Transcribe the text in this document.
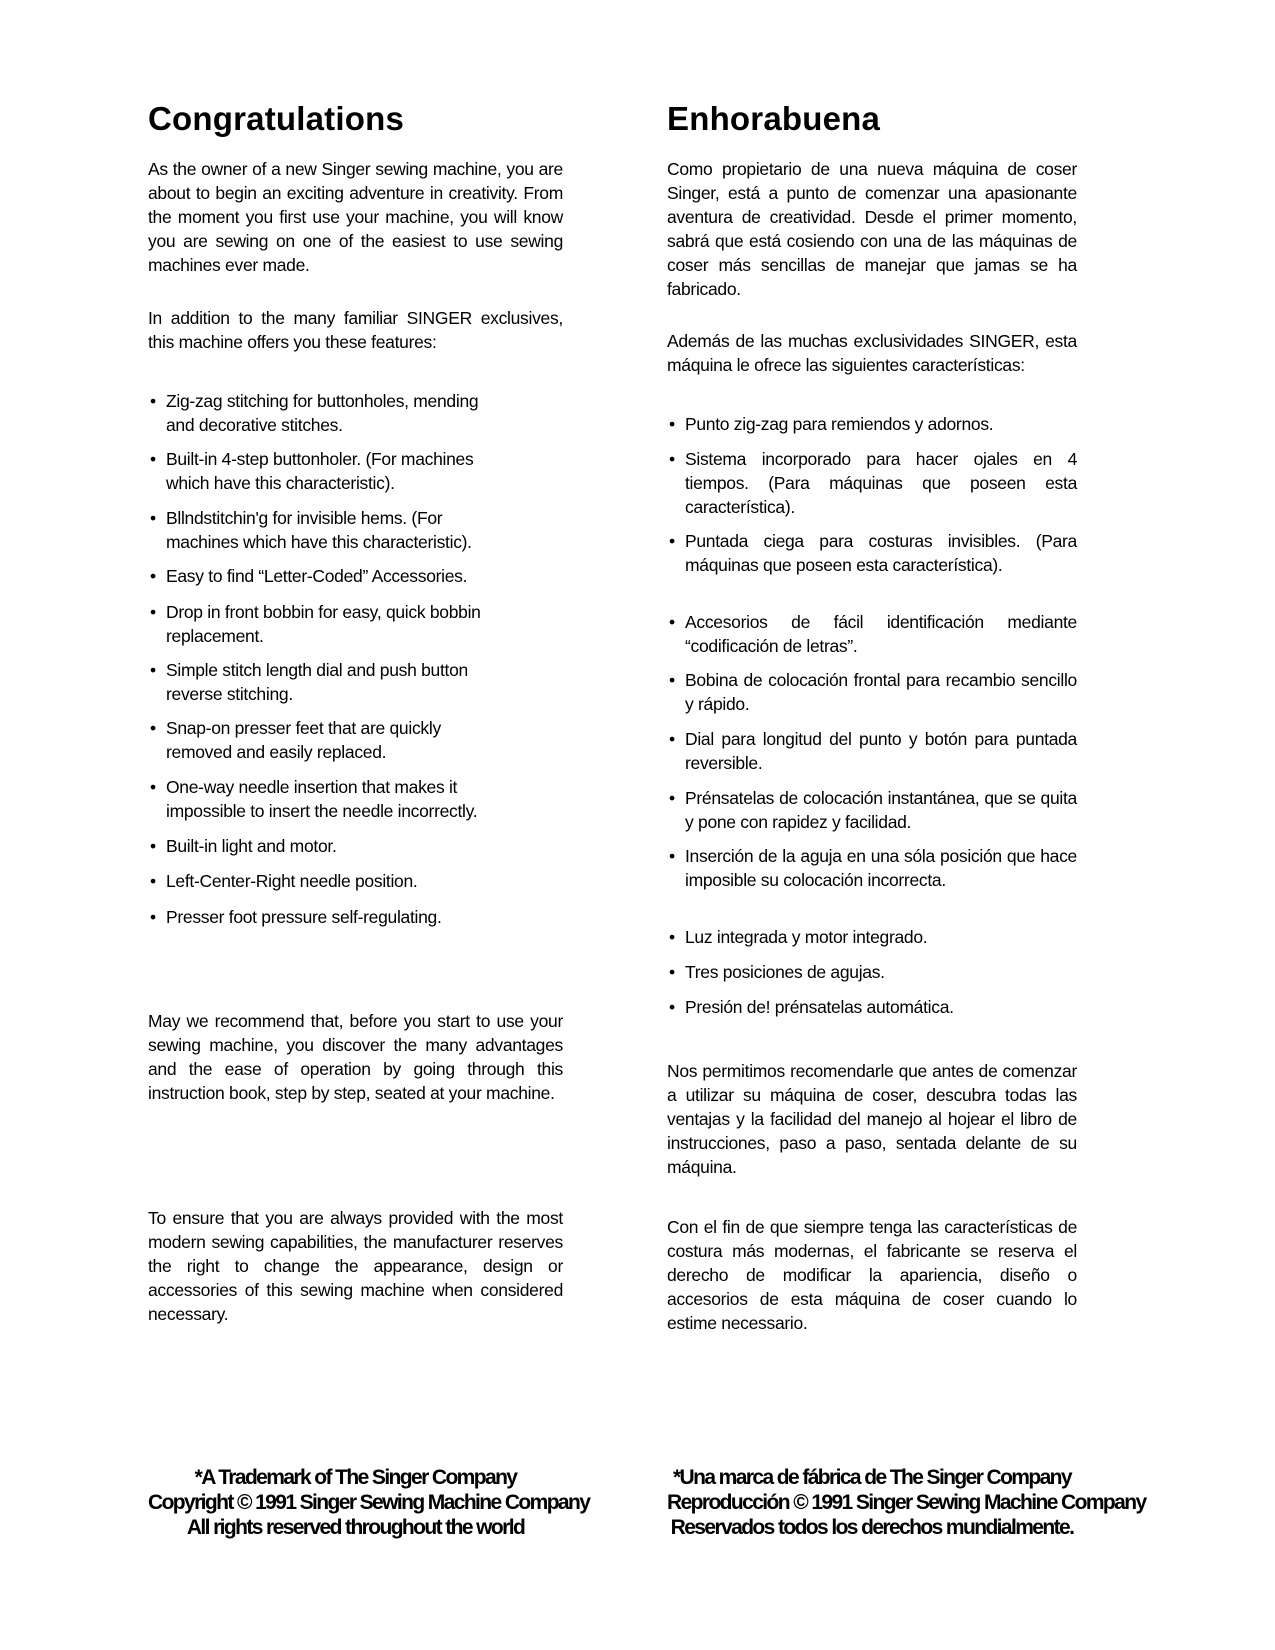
Congratulations

As the owner of a new Singer sewing machine, you are about to begin an exciting adventure in creativity. From the moment you first use your machine, you will know you are sewing on one of the easiest to use sewing machines ever made.

In addition to the many familiar SINGER exclusives, this machine offers you these features:

• Zig-zag stitching for buttonholes, mending and decorative stitches.

• Built-in 4-step buttonholer. (For machines which have this characteristic).

• Bllndstitchin'g for invisible hems. (For machines which have this characteristic).

• Easy to find “Letter-Coded” Accessories.

• Drop in front bobbin for easy, quick bobbin replacement.

• Simple stitch length dial and push button reverse stitching.

• Snap-on presser feet that are quickly removed and easily replaced.

• One-way needle insertion that makes it impossible to insert the needle incorrectly.

• Built-in light and motor.

• Left-Center-Right needle position.

• Presser foot pressure self-regulating.

May we recommend that, before you start to use your sewing machine, you discover the many advantages and the ease of operation by going through this instruction book, step by step, seated at your machine.

To ensure that you are always provided with the most modern sewing capabilities, the manufacturer reserves the right to change the appearance, design or accessories of this sewing machine when considered necessary.

*A Trademark of The Singer Company
Copyright © 1991 Singer Sewing Machine Company
All rights reserved throughout the world
Enhorabuena

Como propietario de una nueva máquina de coser Singer, está a punto de comenzar una apasionante aventura de creatividad. Desde el primer momento, sabrá que está cosiendo con una de las máquinas de coser más sencillas de manejar que jamas se ha fabricado.

Además de las muchas exclusividades SINGER, esta máquina le ofrece las siguientes características:

• Punto zig-zag para remiendos y adornos.

• Sistema incorporado para hacer ojales en 4 tiempos. (Para máquinas que poseen esta característica).

• Puntada ciega para costuras invisibles. (Para máquinas que poseen esta característica).

• Accesorios de fácil identificación mediante “codificación de letras”.

• Bobina de colocación frontal para recambio sencillo y rápido.

• Dial para longitud del punto y botón para puntada reversible.

• Prénsatelas de colocación instantánea, que se quita y pone con rapidez y facilidad.

• Inserción de la aguja en una sóla posición que hace imposible su colocación incorrecta.

• Luz integrada y motor integrado.

• Tres posiciones de agujas.

• Presión de! prénsatelas automática.

Nos permitimos recomendarle que antes de comenzar a utilizar su máquina de coser, descubra todas las ventajas y la facilidad del manejo al hojear el libro de instrucciones, paso a paso, sentada delante de su máquina.

Con el fin de que siempre tenga las características de costura más modernas, el fabricante se reserva el derecho de modificar la apariencia, diseño o accesorios de esta máquina de coser cuando lo estime necessario.

*Una marca de fábrica de The Singer Company
Reproducción © 1991 Singer Sewing Machine Company
Reservados todos los derechos mundialmente.
